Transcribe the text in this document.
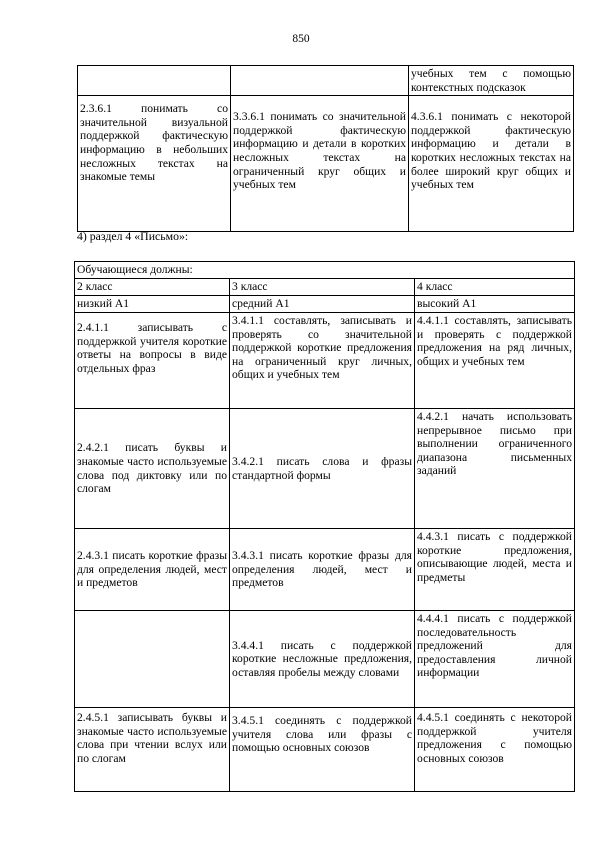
850
		учебных тем с помощью контекстных подсказок
2.3.6.1 понимать со значительной визуальной поддержкой фактическую информацию в небольших несложных текстах на знакомые темы	3.3.6.1 понимать со значительной поддержкой фактическую информацию и детали в коротких несложных текстах на ограниченный круг общих и учебных тем	4.3.6.1 понимать с некоторой поддержкой фактическую информацию и детали в коротких несложных текстах на более широкий круг общих и учебных тем
4) раздел 4 «Письмо»:
Обучающиеся должны:		
2 класс	3 класс	4 класс
низкий А1	средний А1	высокий А1
2.4.1.1 записывать с поддержкой учителя короткие ответы на вопросы в виде отдельных фраз	3.4.1.1 составлять, записывать и проверять со значительной поддержкой короткие предложения на ограниченный круг личных, общих и учебных тем	4.4.1.1 составлять, записывать и проверять с поддержкой предложения на ряд личных, общих и учебных тем
2.4.2.1 писать буквы и знакомые часто используемые слова под диктовку или по слогам	3.4.2.1 писать слова и фразы стандартной формы	4.4.2.1 начать использовать непрерывное письмо при выполнении ограниченного диапазона письменных заданий
2.4.3.1 писать короткие фразы для определения людей, мест и предметов	3.4.3.1 писать короткие фразы для определения людей, мест и предметов	4.4.3.1 писать с поддержкой короткие предложения, описывающие людей, места и предметы
	3.4.4.1 писать с поддержкой короткие несложные предложения, оставляя пробелы между словами	4.4.4.1 писать с поддержкой последовательность предложений для предоставления личной информации
2.4.5.1 записывать буквы и знакомые часто используемые слова при чтении вслух или по слогам	3.4.5.1 соединять с поддержкой учителя слова или фразы с помощью основных союзов	4.4.5.1 соединять с некоторой поддержкой учителя предложения с помощью основных союзов
